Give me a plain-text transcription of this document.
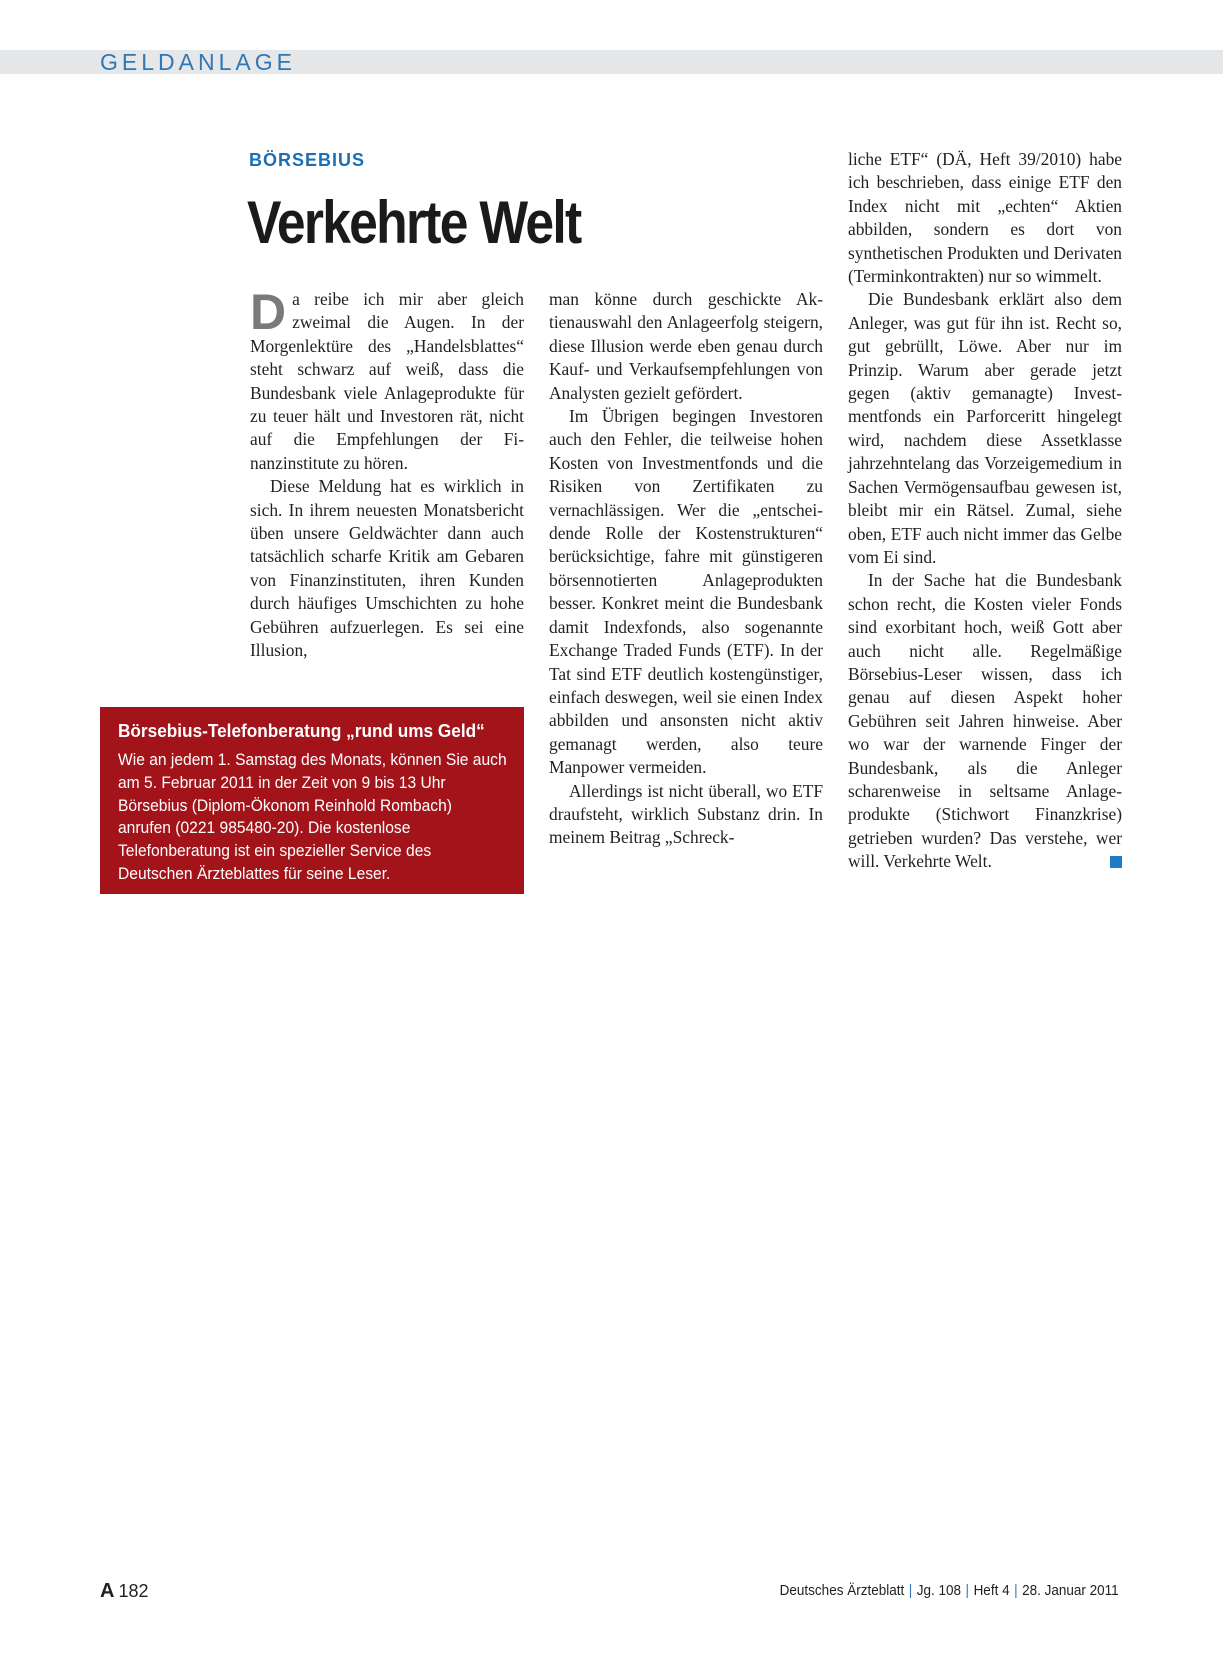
GELDANLAGE
BÖRSEBIUS
Verkehrte Welt

Da reibe ich mir aber gleich zweimal die Augen. In der Morgenlektüre des „Handelsblattes“ steht schwarz auf weiß, dass die Bundesbank viele Anlageprodukte für zu teuer hält und Investoren rät, nicht auf die Empfehlungen der Finanzinstitute zu hören.

Diese Meldung hat es wirklich in sich. In ihrem neuesten Monatsbericht üben unsere Geldwächter dann auch tatsächlich scharfe Kritik am Gebaren von Finanzinstituten, ihren Kunden durch häufiges Umschichten zu hohe Gebühren aufzuerlegen. Es sei eine Illusion,

man könne durch geschickte Aktienauswahl den Anlageerfolg steigern, diese Illusion werde eben genau durch Kauf- und Verkaufsempfehlungen von Analysten gezielt gefördert.

Im Übrigen begingen Investoren auch den Fehler, die teilweise hohen Kosten von Investmentfonds und die Risiken von Zertifikaten zu vernachlässigen. Wer die „entscheidende Rolle der Kostenstrukturen“ berücksichtige, fahre mit günstigeren börsennotierten Anlageprodukten besser. Konkret meint die Bundesbank damit Indexfonds, also sogenannte Exchange Traded Funds (ETF). In der Tat sind ETF deutlich kostengünstiger, einfach deswegen, weil sie einen Index abbilden und ansonsten nicht aktiv gemanagt werden, also teure Manpower vermeiden.

Allerdings ist nicht überall, wo ETF draufsteht, wirklich Substanz drin. In meinem Beitrag „Schreck-

liche ETF“ (DÄ, Heft 39/2010) habe ich beschrieben, dass einige ETF den Index nicht mit „echten“ Aktien abbilden, sondern es dort von synthetischen Produkten und Derivaten (Terminkontrakten) nur so wimmelt.

Die Bundesbank erklärt also dem Anleger, was gut für ihn ist. Recht so, gut gebrüllt, Löwe. Aber nur im Prinzip. Warum aber gerade jetzt gegen (aktiv gemanagte) Investmentfonds ein Parforceritt hingelegt wird, nachdem diese Assetklasse jahrzehntelang das Vorzeigemedium in Sachen Vermögensaufbau gewesen ist, bleibt mir ein Rätsel. Zumal, siehe oben, ETF auch nicht immer das Gelbe vom Ei sind.

In der Sache hat die Bundesbank schon recht, die Kosten vieler Fonds sind exorbitant hoch, weiß Gott aber auch nicht alle. Regelmäßige Börsebius-Leser wissen, dass ich genau auf diesen Aspekt hoher Gebühren seit Jahren hinweise. Aber wo war der warnende Finger der Bundesbank, als die Anleger scharenweise in seltsame Anlageprodukte (Stichwort Finanzkrise) getrieben wurden? Das verstehe, wer will. Verkehrte Welt.

Börsebius-Telefonberatung „rund ums Geld“

Wie an jedem 1. Samstag des Monats, können Sie auch am 5. Februar 2011 in der Zeit von 9 bis 13 Uhr Börsebius (Diplom-Ökonom Reinhold Rombach) anrufen (0221 985480-20). Die kostenlose Telefonberatung ist ein spezieller Service des Deutschen Ärzteblattes für seine Leser.

A 182	Deutsches Ärzteblatt | Jg. 108 | Heft 4 | 28. Januar 2011
